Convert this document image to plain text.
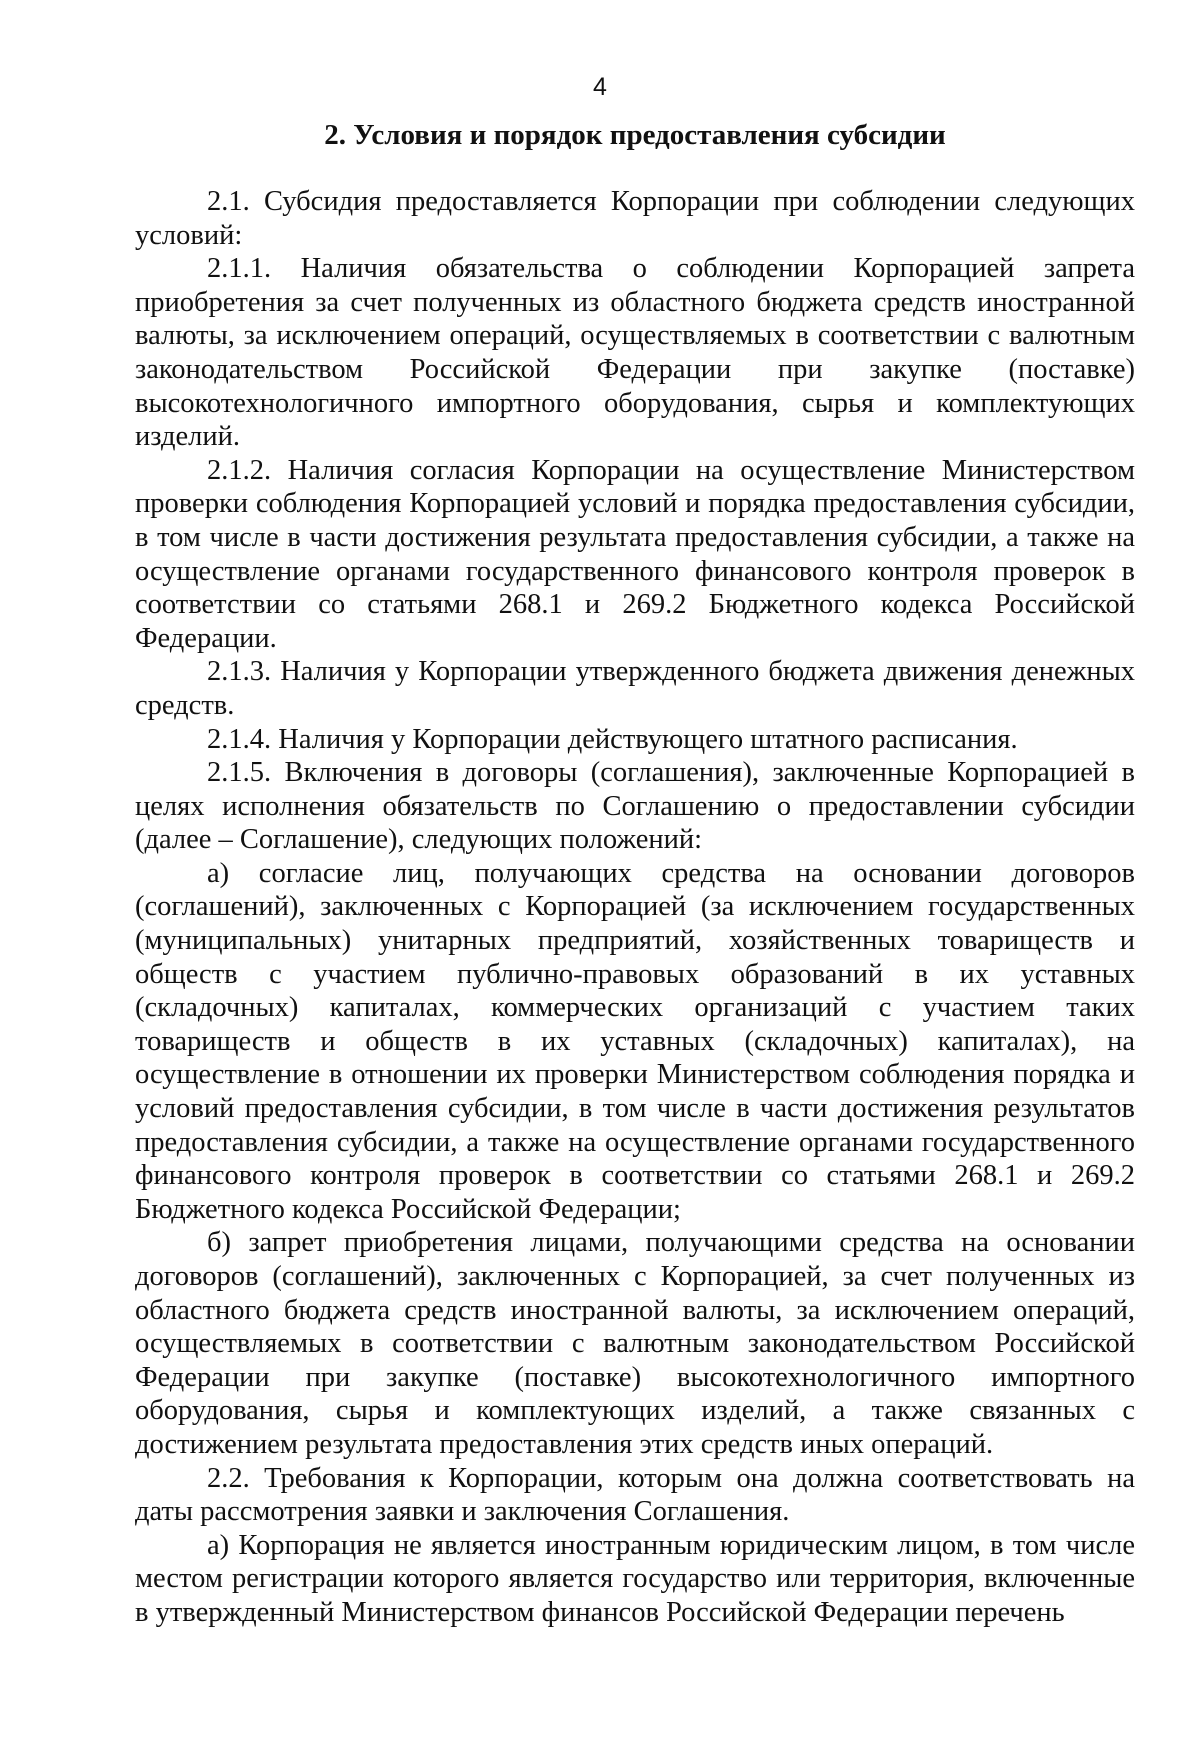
4
2. Условия и порядок предоставления субсидии

2.1. Субсидия предоставляется Корпорации при соблюдении следующих условий:

2.1.1. Наличия обязательства о соблюдении Корпорацией запрета приобретения за счет полученных из областного бюджета средств иностранной валюты, за исключением операций, осуществляемых в соответствии с валютным законодательством Российской Федерации при закупке (поставке) высокотехнологичного импортного оборудования, сырья и комплектующих изделий.

2.1.2. Наличия согласия Корпорации на осуществление Министерством проверки соблюдения Корпорацией условий и порядка предоставления субсидии, в том числе в части достижения результата предоставления субсидии, а также на осуществление органами государственного финансового контроля проверок в соответствии со статьями 268.1 и 269.2 Бюджетного кодекса Российской Федерации.

2.1.3. Наличия у Корпорации утвержденного бюджета движения денежных средств.

2.1.4. Наличия у Корпорации действующего штатного расписания.

2.1.5. Включения в договоры (соглашения), заключенные Корпорацией в целях исполнения обязательств по Соглашению о предоставлении субсидии (далее – Соглашение), следующих положений:

а) согласие лиц, получающих средства на основании договоров (соглашений), заключенных с Корпорацией (за исключением государственных (муниципальных) унитарных предприятий, хозяйственных товариществ и обществ с участием публично-правовых образований в их уставных (складочных) капиталах, коммерческих организаций с участием таких товариществ и обществ в их уставных (складочных) капиталах), на осуществление в отношении их проверки Министерством соблюдения порядка и условий предоставления субсидии, в том числе в части достижения результатов предоставления субсидии, а также на осуществление органами государственного финансового контроля проверок в соответствии со статьями 268.1 и 269.2 Бюджетного кодекса Российской Федерации;

б) запрет приобретения лицами, получающими средства на основании договоров (соглашений), заключенных с Корпорацией, за счет полученных из областного бюджета средств иностранной валюты, за исключением операций, осуществляемых в соответствии с валютным законодательством Российской Федерации при закупке (поставке) высокотехнологичного импортного оборудования, сырья и комплектующих изделий, а также связанных с достижением результата предоставления этих средств иных операций.

2.2. Требования к Корпорации, которым она должна соответствовать на даты рассмотрения заявки и заключения Соглашения.

а) Корпорация не является иностранным юридическим лицом, в том числе местом регистрации которого является государство или территория, включенные в утвержденный Министерством финансов Российской Федерации перечень
